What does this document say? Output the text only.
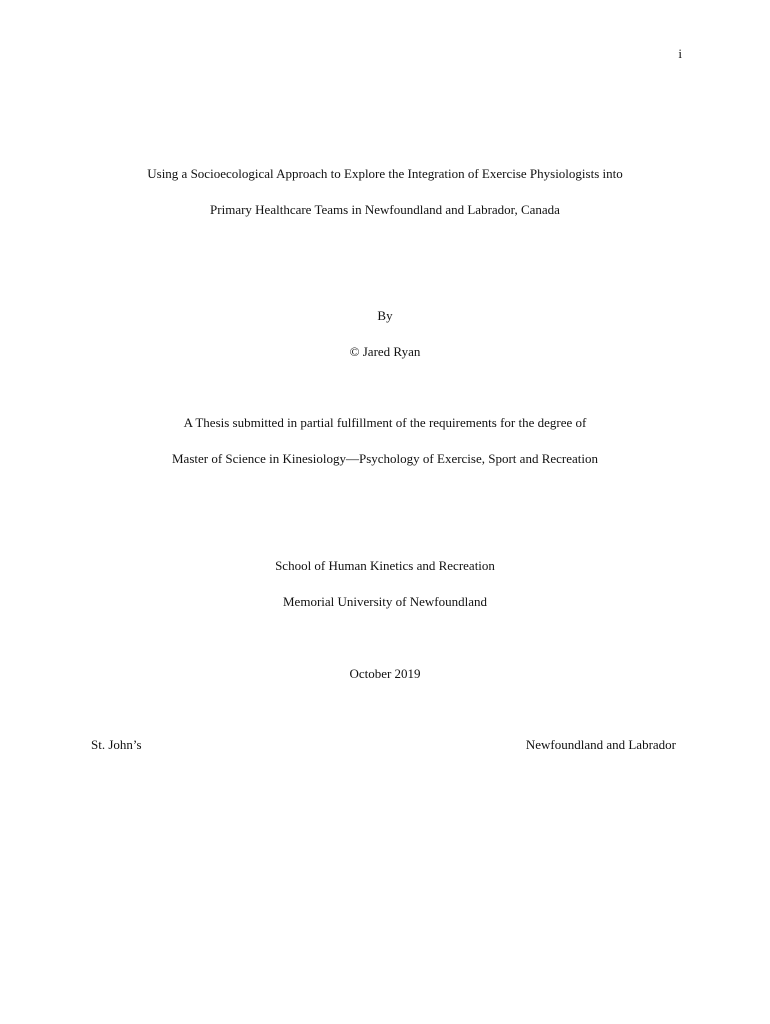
i
Using a Socioecological Approach to Explore the Integration of Exercise Physiologists into
Primary Healthcare Teams in Newfoundland and Labrador, Canada
By
© Jared Ryan
A Thesis submitted in partial fulfillment of the requirements for the degree of
Master of Science in Kinesiology—Psychology of Exercise, Sport and Recreation
School of Human Kinetics and Recreation
Memorial University of Newfoundland
October 2019
St. John’s	Newfoundland and Labrador
